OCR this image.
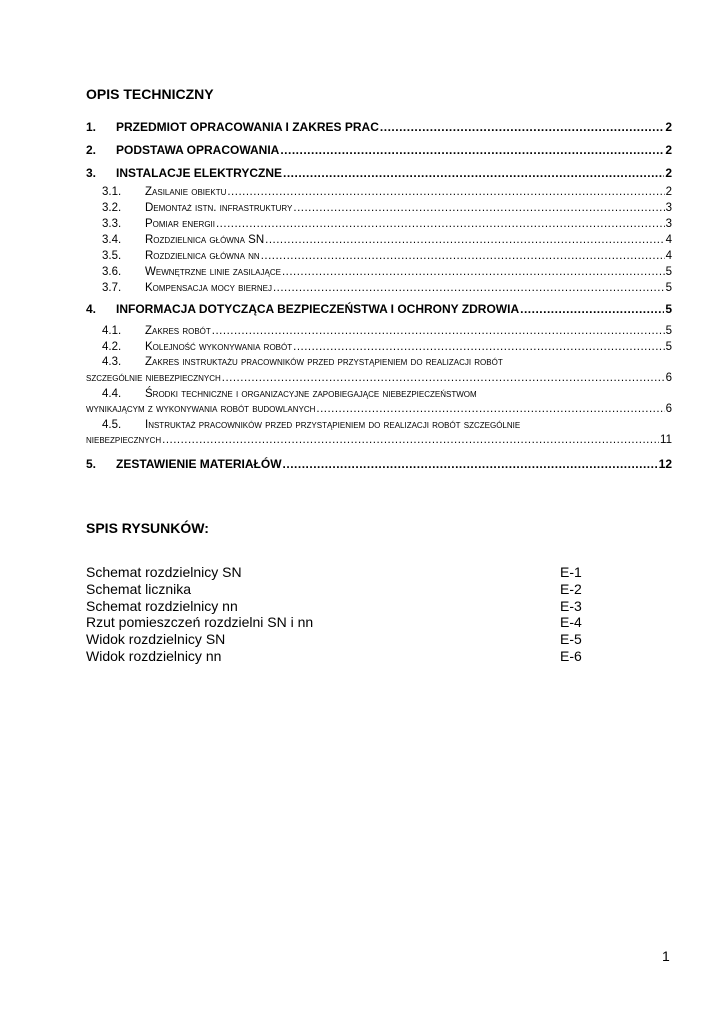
OPIS TECHNICZNY
1.	PRZEDMIOT OPRACOWANIA I ZAKRES PRAC .....	2
2.	PODSTAWA OPRACOWANIA .....	2
3.	INSTALACJE ELEKTRYCZNE .....	2
3.1.	Zasilanie obiektu .....	2
3.2.	Demontaż istn. infrastruktury .....	3
3.3.	Pomiar energii .....	3
3.4.	Rozdzielnica główna SN .....	4
3.5.	Rozdzielnica główna nn .....	4
3.6.	Wewnętrzne linie zasilające .....	5
3.7.	Kompensacja mocy biernej .....	5
4.	INFORMACJA DOTYCZĄCA BEZPIECZEŃSTWA I OCHRONY ZDROWIA .....	5
4.1.	Zakres robót .....	5
4.2.	Kolejność wykonywania robót .....	5
4.3.	Zakres instruktażu pracowników przed przystąpieniem do realizacji robót
szczególnie niebezpiecznych .....	6
4.4.	Środki techniczne i organizacyjne zapobiegające niebezpieczeństwom
wynikającym z wykonywania robót budowlanych .....	6
4.5.	Instruktaż pracowników przed przystąpieniem do realizacji robót szczególnie
niebezpiecznych .....	11
5.	ZESTAWIENIE MATERIAŁÓW .....	12
SPIS RYSUNKÓW:
Schemat rozdzielnicy SN	E-1
Schemat licznika	E-2
Schemat rozdzielnicy nn	E-3
Rzut pomieszczeń rozdzielni SN i nn	E-4
Widok rozdzielnicy SN	E-5
Widok rozdzielnicy nn	E-6
1
